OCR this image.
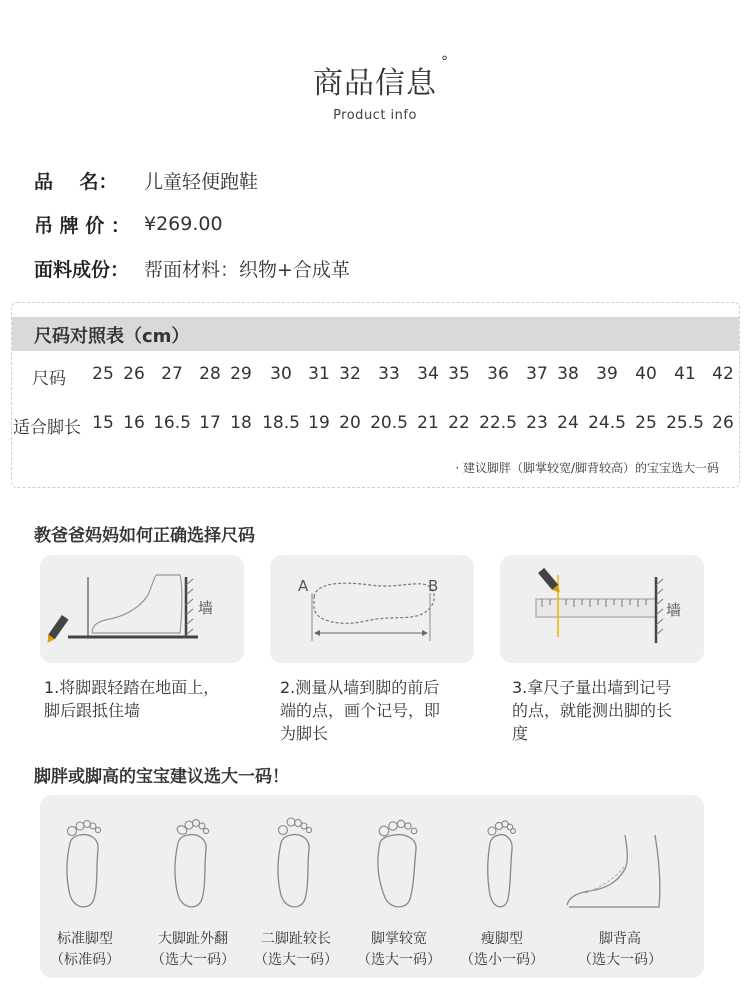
商品信息
°
Product info
品    名：	儿童轻便跑鞋
吊 牌 价 ： ¥269.00
面料成份： 帮面材料：织物+合成革
尺码对照表（cm）
尺码 25 26 27 28 29 30 31 32 33 34 35 36 37 38 39 40 41 42
适合脚长 15 16 16.5 17 18 18.5 19 20 20.5 21 22 22.5 23 24 24.5 25 25.5 26
· 建议脚胖（脚掌较宽/脚背较高）的宝宝选大一码
教爸爸妈妈如何正确选择尺码
墙
A	B
墙
1.将脚跟轻踏在地面上，
脚后跟抵住墙
2.测量从墙到脚的前后
端的点，画个记号，即
为脚长
3.拿尺子量出墙到记号
的点，就能测出脚的长
度
脚胖或脚高的宝宝建议选大一码！
标准脚型
（标准码）
大脚趾外翻
（选大一码）
二脚趾较长
（选大一码）
脚掌较宽
（选大一码）
瘦脚型
（选小一码）
脚背高
（选大一码）
